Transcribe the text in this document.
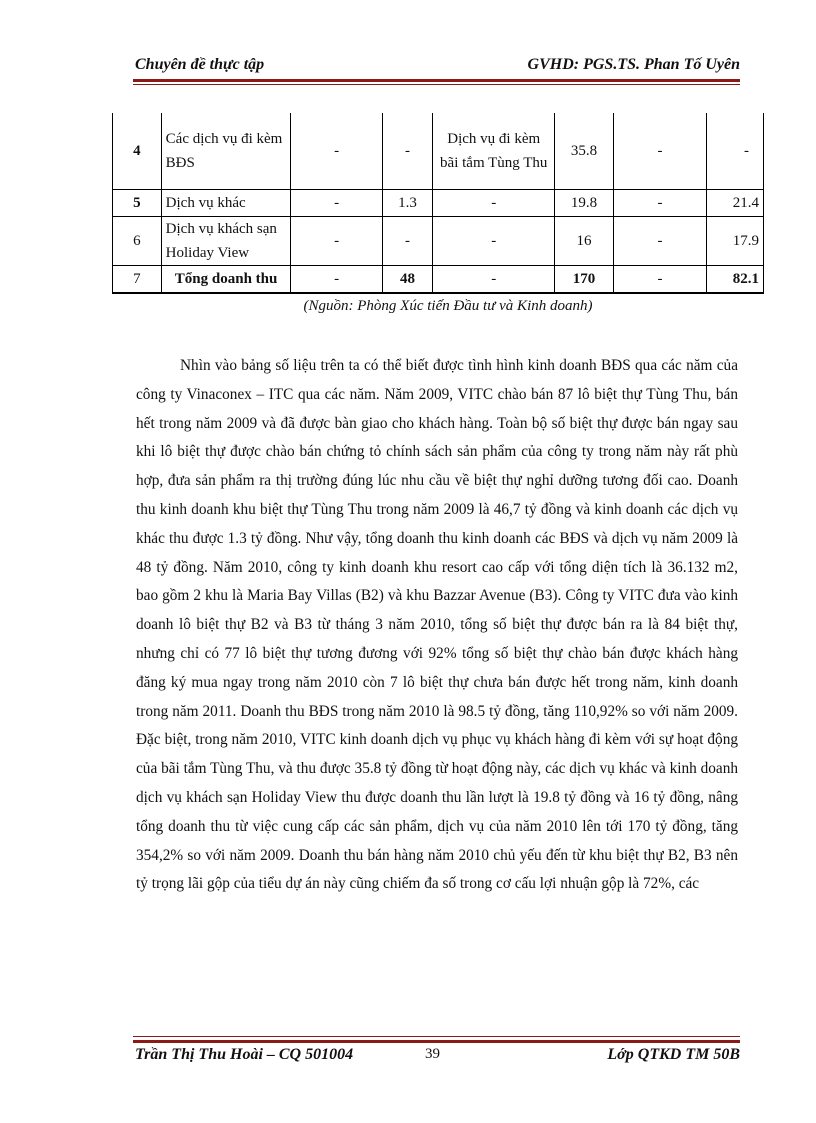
Chuyên đề thực tập	GVHD: PGS.TS. Phan Tố Uyên
4	Các dịch vụ đi kèm BĐS	-	-	Dịch vụ đi kèm bãi tắm Tùng Thu	35.8	-	-
5	Dịch vụ khác	-	1.3	-	19.8	-	21.4
6	Dịch vụ khách sạn Holiday View	-	-	-	16	-	17.9
7	Tổng doanh thu	-	48	-	170	-	82.1
(Nguồn: Phòng Xúc tiến Đầu tư và Kinh doanh)
Nhìn vào bảng số liệu trên ta có thể biết được tình hình kinh doanh BĐS qua các năm của công ty Vinaconex – ITC qua các năm. Năm 2009, VITC chào bán 87 lô biệt thự Tùng Thu, bán hết trong năm 2009 và đã được bàn giao cho khách hàng. Toàn bộ số biệt thự được bán ngay sau khi lô biệt thự được chào bán chứng tỏ chính sách sản phẩm của công ty trong năm này rất phù hợp, đưa sản phẩm ra thị trường đúng lúc nhu cầu về biệt thự nghỉ dưỡng tương đối cao. Doanh thu kinh doanh khu biệt thự Tùng Thu trong năm 2009 là 46,7 tỷ đồng và kinh doanh các dịch vụ khác thu được 1.3 tỷ đồng. Như vậy, tổng doanh thu kinh doanh các BĐS và dịch vụ năm 2009 là 48 tỷ đồng. Năm 2010, công ty kinh doanh khu resort cao cấp với tổng diện tích là 36.132 m2, bao gồm 2 khu là Maria Bay Villas (B2) và khu Bazzar Avenue (B3). Công ty VITC đưa vào kinh doanh lô biệt thự B2 và B3 từ tháng 3 năm 2010, tổng số biệt thự được bán ra là 84 biệt thự, nhưng chỉ có 77 lô biệt thự tương đương với 92% tổng số biệt thự chào bán được khách hàng đăng ký mua ngay trong năm 2010 còn 7 lô biệt thự chưa bán được hết trong năm, kinh doanh trong năm 2011. Doanh thu BĐS trong năm 2010 là 98.5 tỷ đồng, tăng 110,92% so với năm 2009. Đặc biệt, trong năm 2010, VITC kinh doanh dịch vụ phục vụ khách hàng đi kèm với sự hoạt động của bãi tắm Tùng Thu, và thu được 35.8 tỷ đồng từ hoạt động này, các dịch vụ khác và kinh doanh dịch vụ khách sạn Holiday View thu được doanh thu lần lượt là 19.8 tỷ đồng và 16 tỷ đồng, nâng tổng doanh thu từ việc cung cấp các sản phẩm, dịch vụ của năm 2010 lên tới 170 tỷ đồng, tăng 354,2% so với năm 2009. Doanh thu bán hàng năm 2010 chủ yếu đến từ khu biệt thự B2, B3 nên tỷ trọng lãi gộp của tiểu dự án này cũng chiếm đa số trong cơ cấu lợi nhuận gộp là 72%, các
Trần Thị Thu Hoài – CQ 501004	39	Lớp QTKD TM 50B
